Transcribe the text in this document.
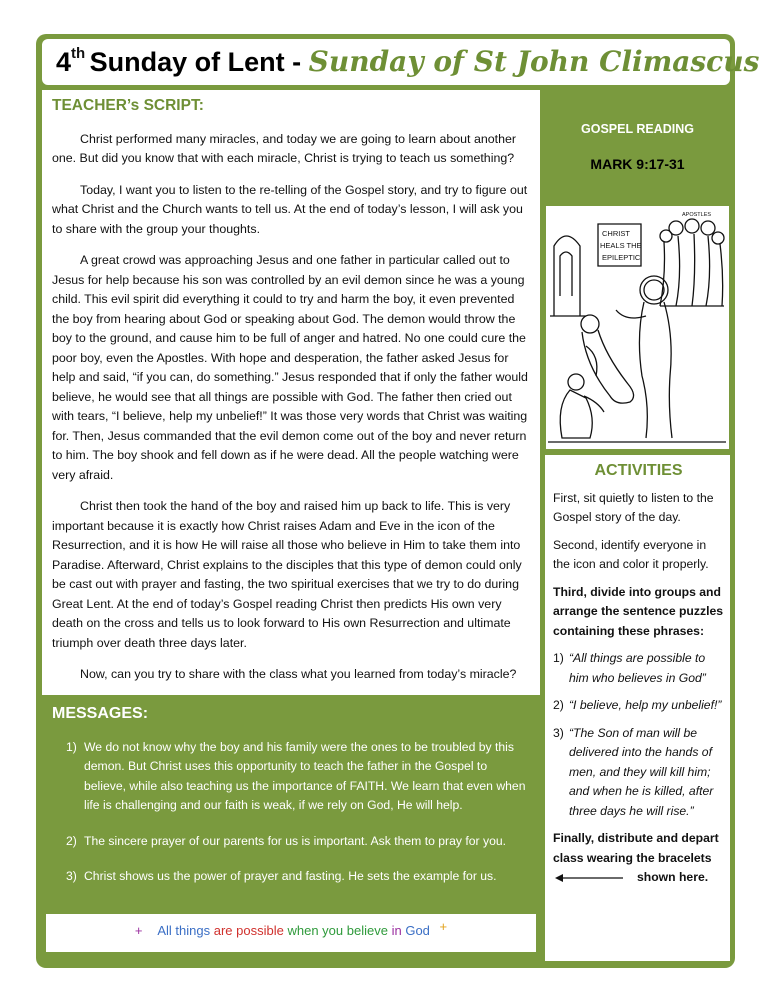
4th Sunday of Lent - Sunday of St John Climascus
TEACHER’s SCRIPT:

Christ performed many miracles, and today we are going to learn about another one. But did you know that with each miracle, Christ is trying to teach us something?

Today, I want you to listen to the re-telling of the Gospel story, and try to figure out what Christ and the Church wants to tell us. At the end of today’s lesson, I will ask you to share with the group your thoughts.

A great crowd was approaching Jesus and one father in particular called out to Jesus for help because his son was controlled by an evil demon since he was a young child. This evil spirit did everything it could to try and harm the boy, it even prevented the boy from hearing about God or speaking about God. The demon would throw the boy to the ground, and cause him to be full of anger and hatred. No one could cure the poor boy, even the Apostles. With hope and desperation, the father asked Jesus for help and said, “if you can, do something.” Jesus responded that if only the father would believe, he would see that all things are possible with God. The father then cried out with tears, “I believe, help my unbelief!” It was those very words that Christ was waiting for. Then, Jesus commanded that the evil demon come out of the boy and never return to him. The boy shook and fell down as if he were dead. All the people watching were very afraid.

Christ then took the hand of the boy and raised him up back to life. This is very important because it is exactly how Christ raises Adam and Eve in the icon of the Resurrection, and it is how He will raise all those who believe in Him to take them into Paradise. Afterward, Christ explains to the disciples that this type of demon could only be cast out with prayer and fasting, the two spiritual exercises that we try to do during Great Lent. At the end of today’s Gospel reading Christ then predicts His own very death on the cross and tells us to look forward to His own Resurrection and ultimate triumph over death three days later.

Now, can you try to share with the class what you learned from today’s miracle?

GOSPEL READING
MARK 9:17-31
CHRIST
HEALS THE
EPILEPTIC
APOSTLES
ACTIVITIES
First, sit quietly to listen to the Gospel story of the day.
Second, identify everyone in the icon and color it properly.
Third, divide into groups and arrange the sentence puzzles containing these phrases:
1) “All things are possible to him who believes in God”
2) “I believe, help my unbelief!”
3) “The Son of man will be delivered into the hands of men, and they will kill him; and when he is killed, after three days he will rise.”
Finally, distribute and depart class wearing the bracelets
shown here.
MESSAGES:
1) We do not know why the boy and his family were the ones to be troubled by this demon. But Christ uses this opportunity to teach the father in the Gospel to believe, while also teaching us the importance of FAITH. We learn that even when life is challenging and our faith is weak, if we rely on God, He will help.
2) The sincere prayer of our parents for us is important. Ask them to pray for you.
3) Christ shows us the power of prayer and fasting. He sets the example for us.
+ All things are possible when you believe in God +
